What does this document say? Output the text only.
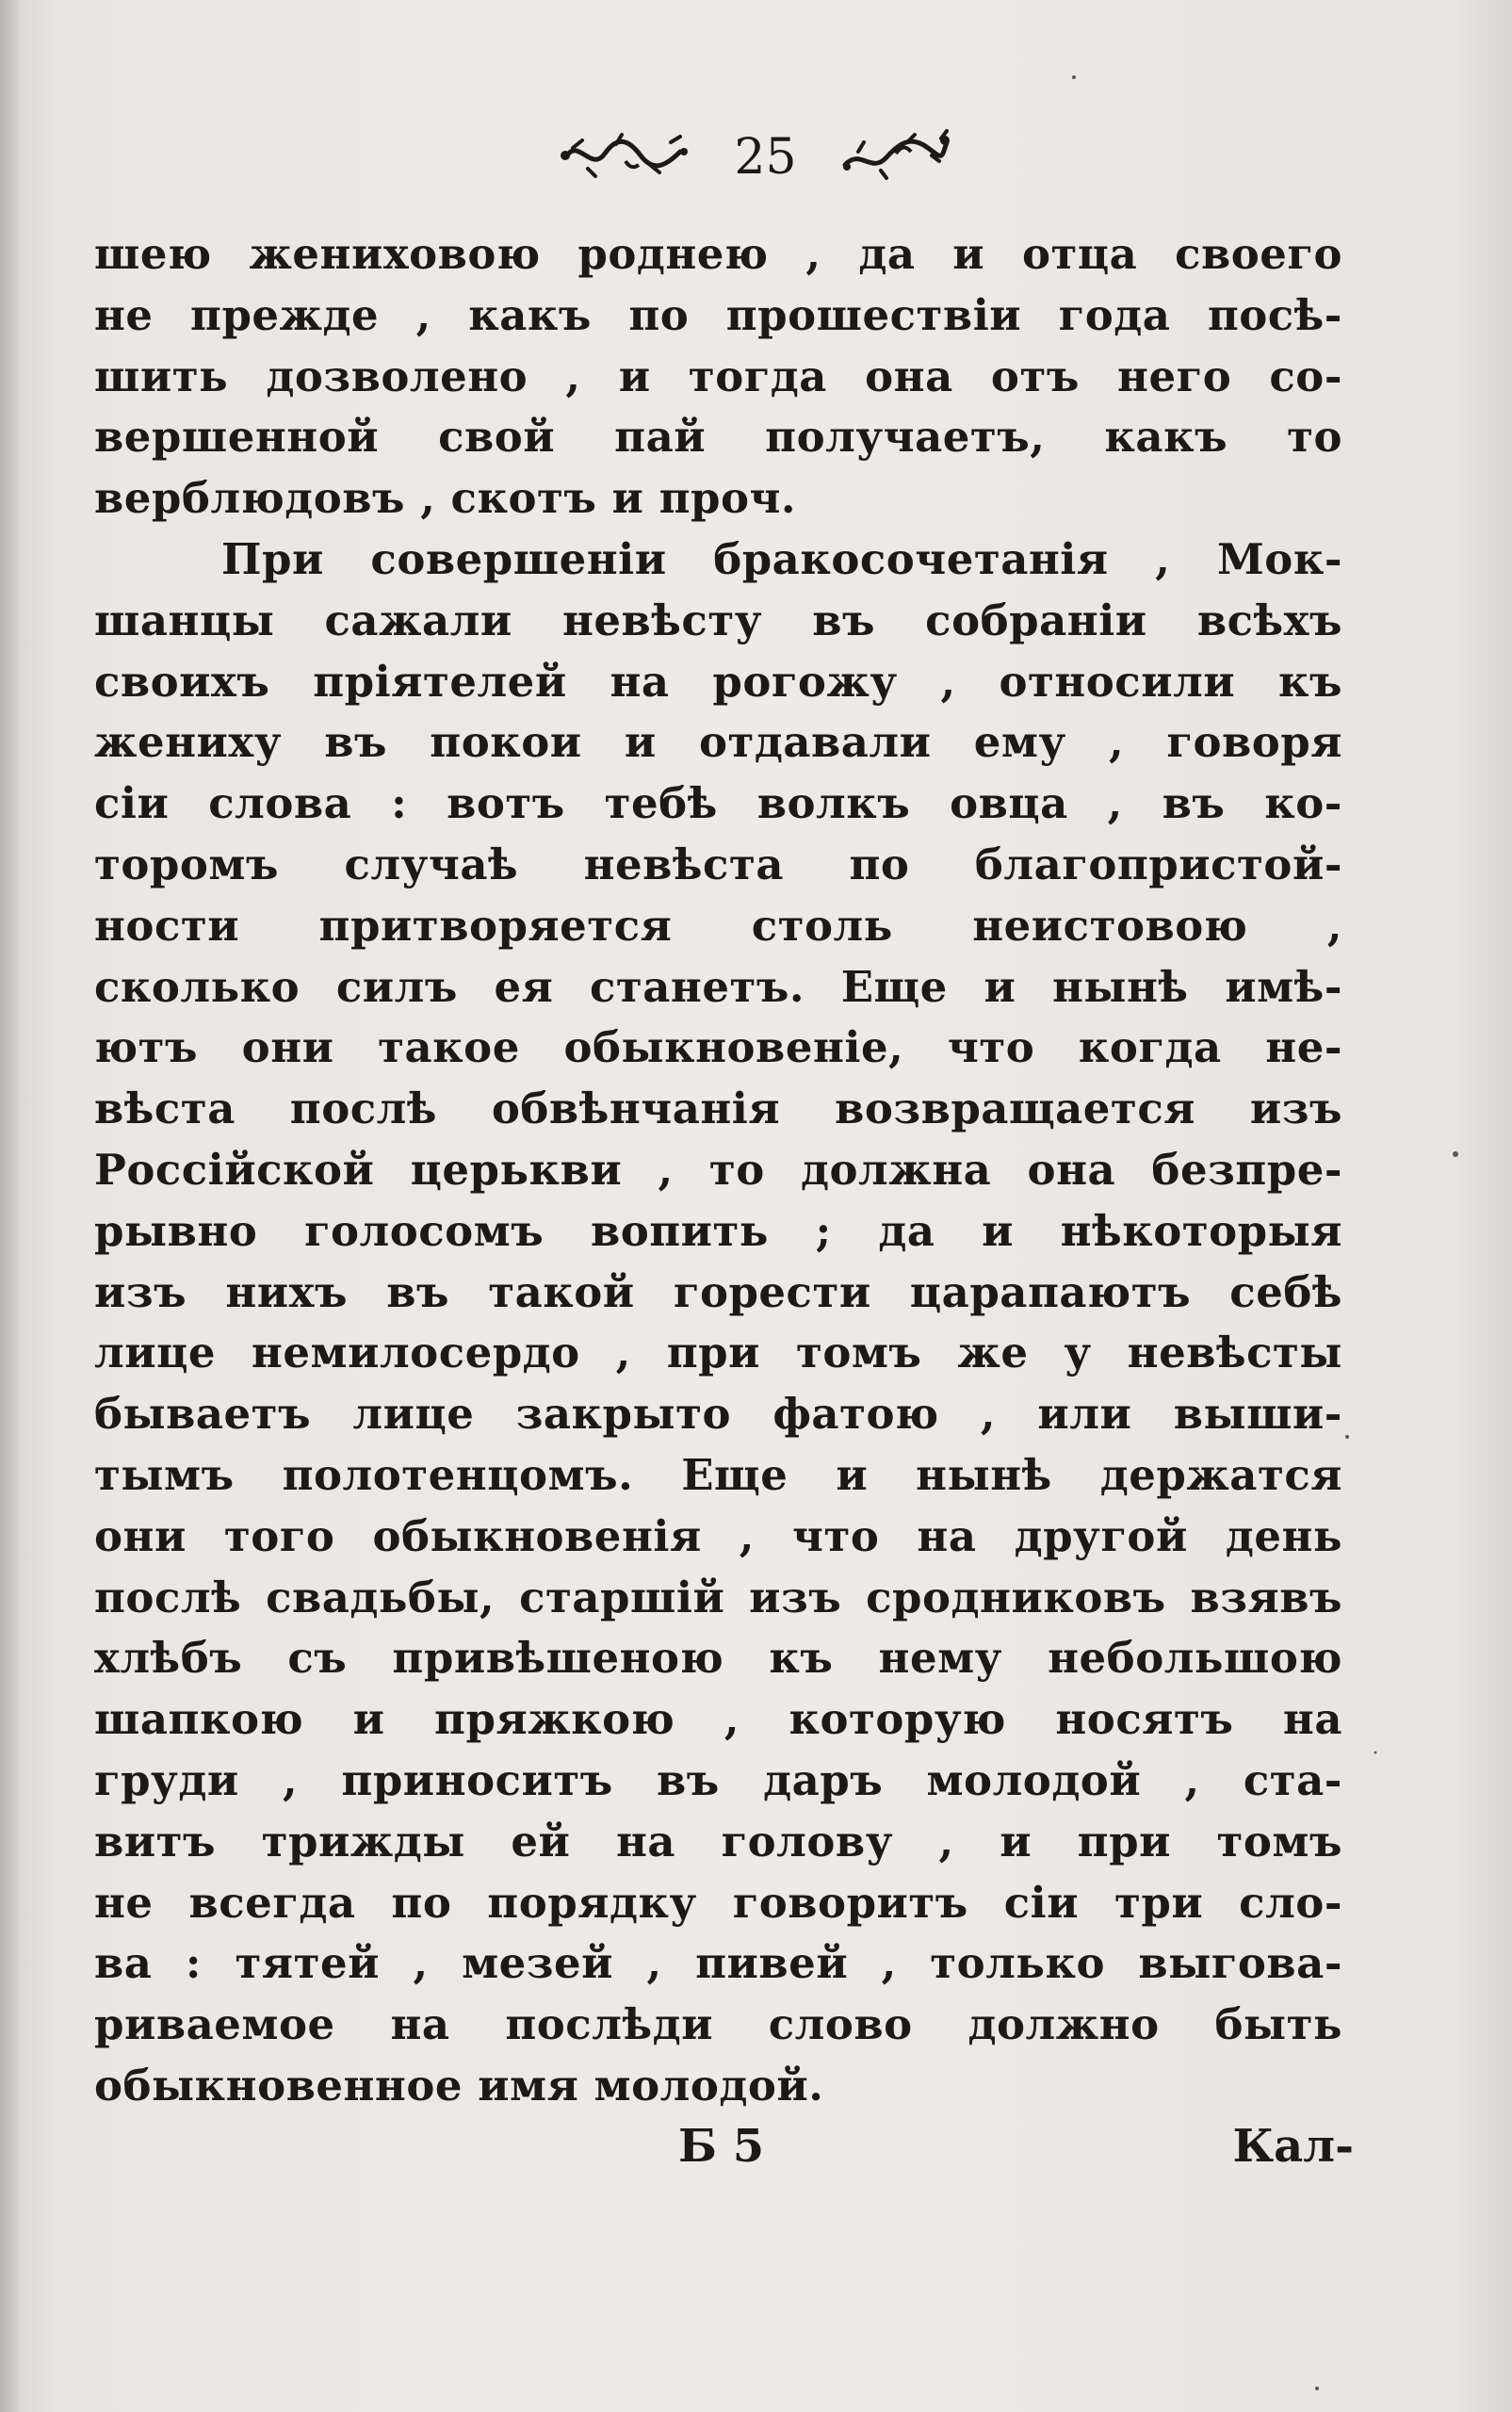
25
шею жениховою роднею , да и отца своего
не прежде , какъ по прошествіи года посѣ-
шить дозволено , и тогда она отъ него со-
вершенной свой пай получаетъ, какъ то
верблюдовъ , скотъ и проч.
При совершеніи бракосочетанія , Мок-
шанцы сажали невѣсту въ собраніи всѣхъ
своихъ пріятелей на рогожу , относили къ
жениху въ покои и отдавали ему , говоря
сіи слова : вотъ тебѣ волкъ овца , въ ко-
торомъ случаѣ невѣста по благопристой-
ности притворяется столь неистовою ,
сколько силъ ея станетъ. Еще и нынѣ имѣ-
ютъ они такое обыкновеніе, что когда не-
вѣста послѣ обвѣнчанія возвращается изъ
Россійской церькви , то должна она безпре-
рывно голосомъ вопить ; да и нѣкоторыя
изъ нихъ въ такой горести царапаютъ себѣ
лице немилосердо , при томъ же у невѣсты
бываетъ лице закрыто фатою , или выши-
тымъ полотенцомъ. Еще и нынѣ держатся
они того обыкновенія , что на другой день
послѣ свадьбы, старшій изъ сродниковъ взявъ
хлѣбъ съ привѣшеною къ нему небольшою
шапкою и пряжкою , которую носятъ на
груди , приноситъ въ даръ молодой , ста-
витъ трижды ей на голову , и при томъ
не всегда по порядку говоритъ сіи три сло-
ва : тятей , мезей , пивей , только выгова-
риваемое на послѣди слово должно быть
обыкновенное имя молодой.
Б 5	Кал-
